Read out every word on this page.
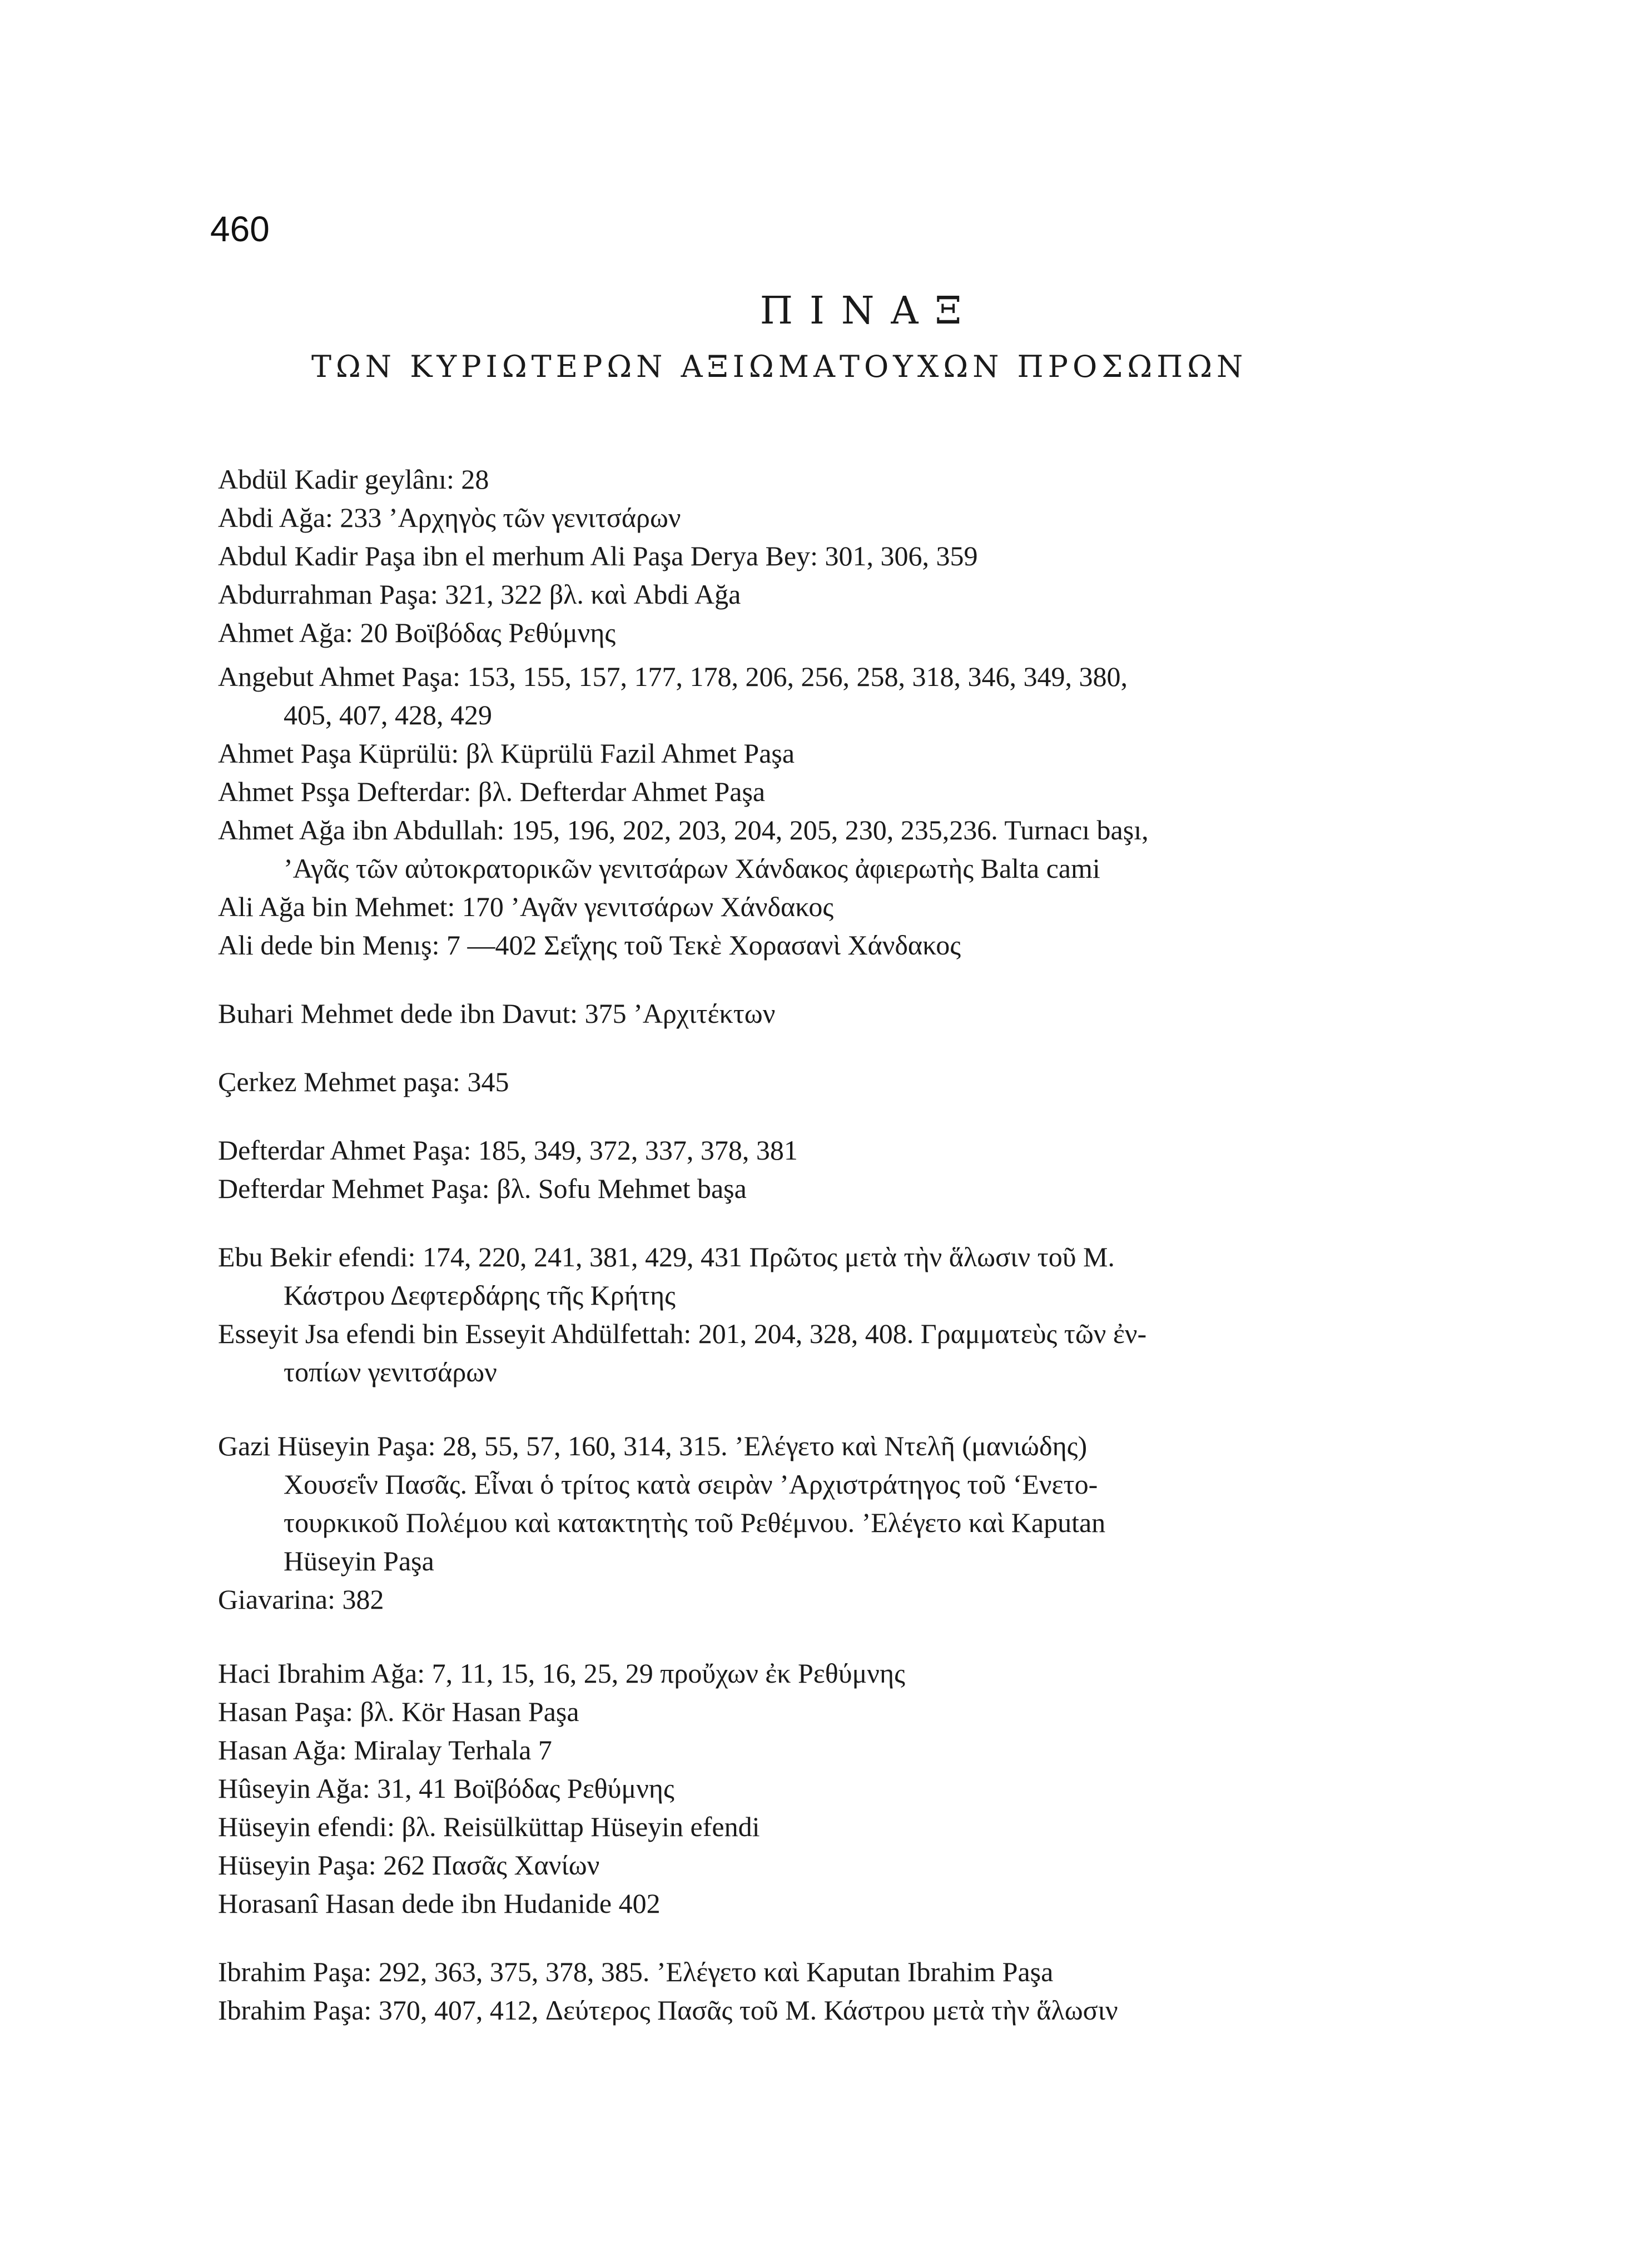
460
ΠΙΝΑΞ
ΤΩΝ ΚΥΡΙΩΤΕΡΩΝ ΑΞΙΩΜΑΤΟΥΧΩΝ ΠΡΟΣΩΠΩΝ
Abdül Kadir geylânı: 28
Abdi Ağa: 233 ’Αρχηγὸς τῶν γενιτσάρων
Abdul Kadir Paşa ibn el merhum Ali Paşa Derya Bey: 301, 306, 359
Abdurrahman Paşa: 321, 322 βλ. καὶ Abdi Ağa
Ahmet Ağa: 20 Βοϊβόδας Ρεθύμνης
Angebut Ahmet Paşa: 153, 155, 157, 177, 178, 206, 256, 258, 318, 346, 349, 380,
405, 407, 428, 429
Ahmet Paşa Küprülü: βλ Küprülü Fazil Ahmet Paşa
Ahmet Psşa Defterdar: βλ. Defterdar Ahmet Paşa
Ahmet Ağa ibn Abdullah: 195, 196, 202, 203, 204, 205, 230, 235,236. Turnacı başı,
’Αγᾶς τῶν αὐτοκρατορικῶν γενιτσάρων Χάνδακος ἀφιερωτὴς Balta cami
Ali Ağa bin Mehmet: 170 ’Αγᾶν γενιτσάρων Χάνδακος
Ali dede bin Menış: 7 —402 Σεΐχης τοῦ Τεκὲ Χορασανὶ Χάνδακος
Buhari Mehmet dede ibn Davut: 375 ’Αρχιτέκτων
Çerkez Mehmet paşa: 345
Defterdar Ahmet Paşa: 185, 349, 372, 337, 378, 381
Defterdar Mehmet Paşa: βλ. Sofu Mehmet başa
Ebu Bekir efendi: 174, 220, 241, 381, 429, 431 Πρῶτος μετὰ τὴν ἅλωσιν τοῦ Μ.
Κάστρου Δεφτερδάρης τῆς Κρήτης
Esseyit Jsa efendi bin Esseyit Ahdülfettah: 201, 204, 328, 408. Γραμματεὺς τῶν ἐν-
τοπίων γενιτσάρων
Gazi Hüseyin Paşa: 28, 55, 57, 160, 314, 315. ’Ελέγετο καὶ Ντελῆ (μανιώδης)
Χουσεΐν Πασᾶς. Εἶναι ὁ τρίτος κατὰ σειρὰν ’Αρχιστράτηγος τοῦ ‘Ενετο-
τουρκικοῦ Πολέμου καὶ κατακτητὴς τοῦ Ρεθέμνου. ’Ελέγετο καὶ Kaputan
Hüseyin Paşa
Giavarina: 382
Haci Ibrahim Ağa: 7, 11, 15, 16, 25, 29 προὔχων ἐκ Ρεθύμνης
Hasan Paşa: βλ. Kör Hasan Paşa
Hasan Ağa: Miralay Terhala 7
Hûseyin Ağa: 31, 41 Βοϊβόδας Ρεθύμνης
Hüseyin efendi: βλ. Reisülküttap Hüseyin efendi
Hüseyin Paşa: 262 Πασᾶς Χανίων
Horasanî Hasan dede ibn Hudanide 402
Ibrahim Paşa: 292, 363, 375, 378, 385. ’Ελέγετο καὶ Kaputan Ibrahim Paşa
Ibrahim Paşa: 370, 407, 412, Δεύτερος Πασᾶς τοῦ Μ. Κάστρου μετὰ τὴν ἅλωσιν
